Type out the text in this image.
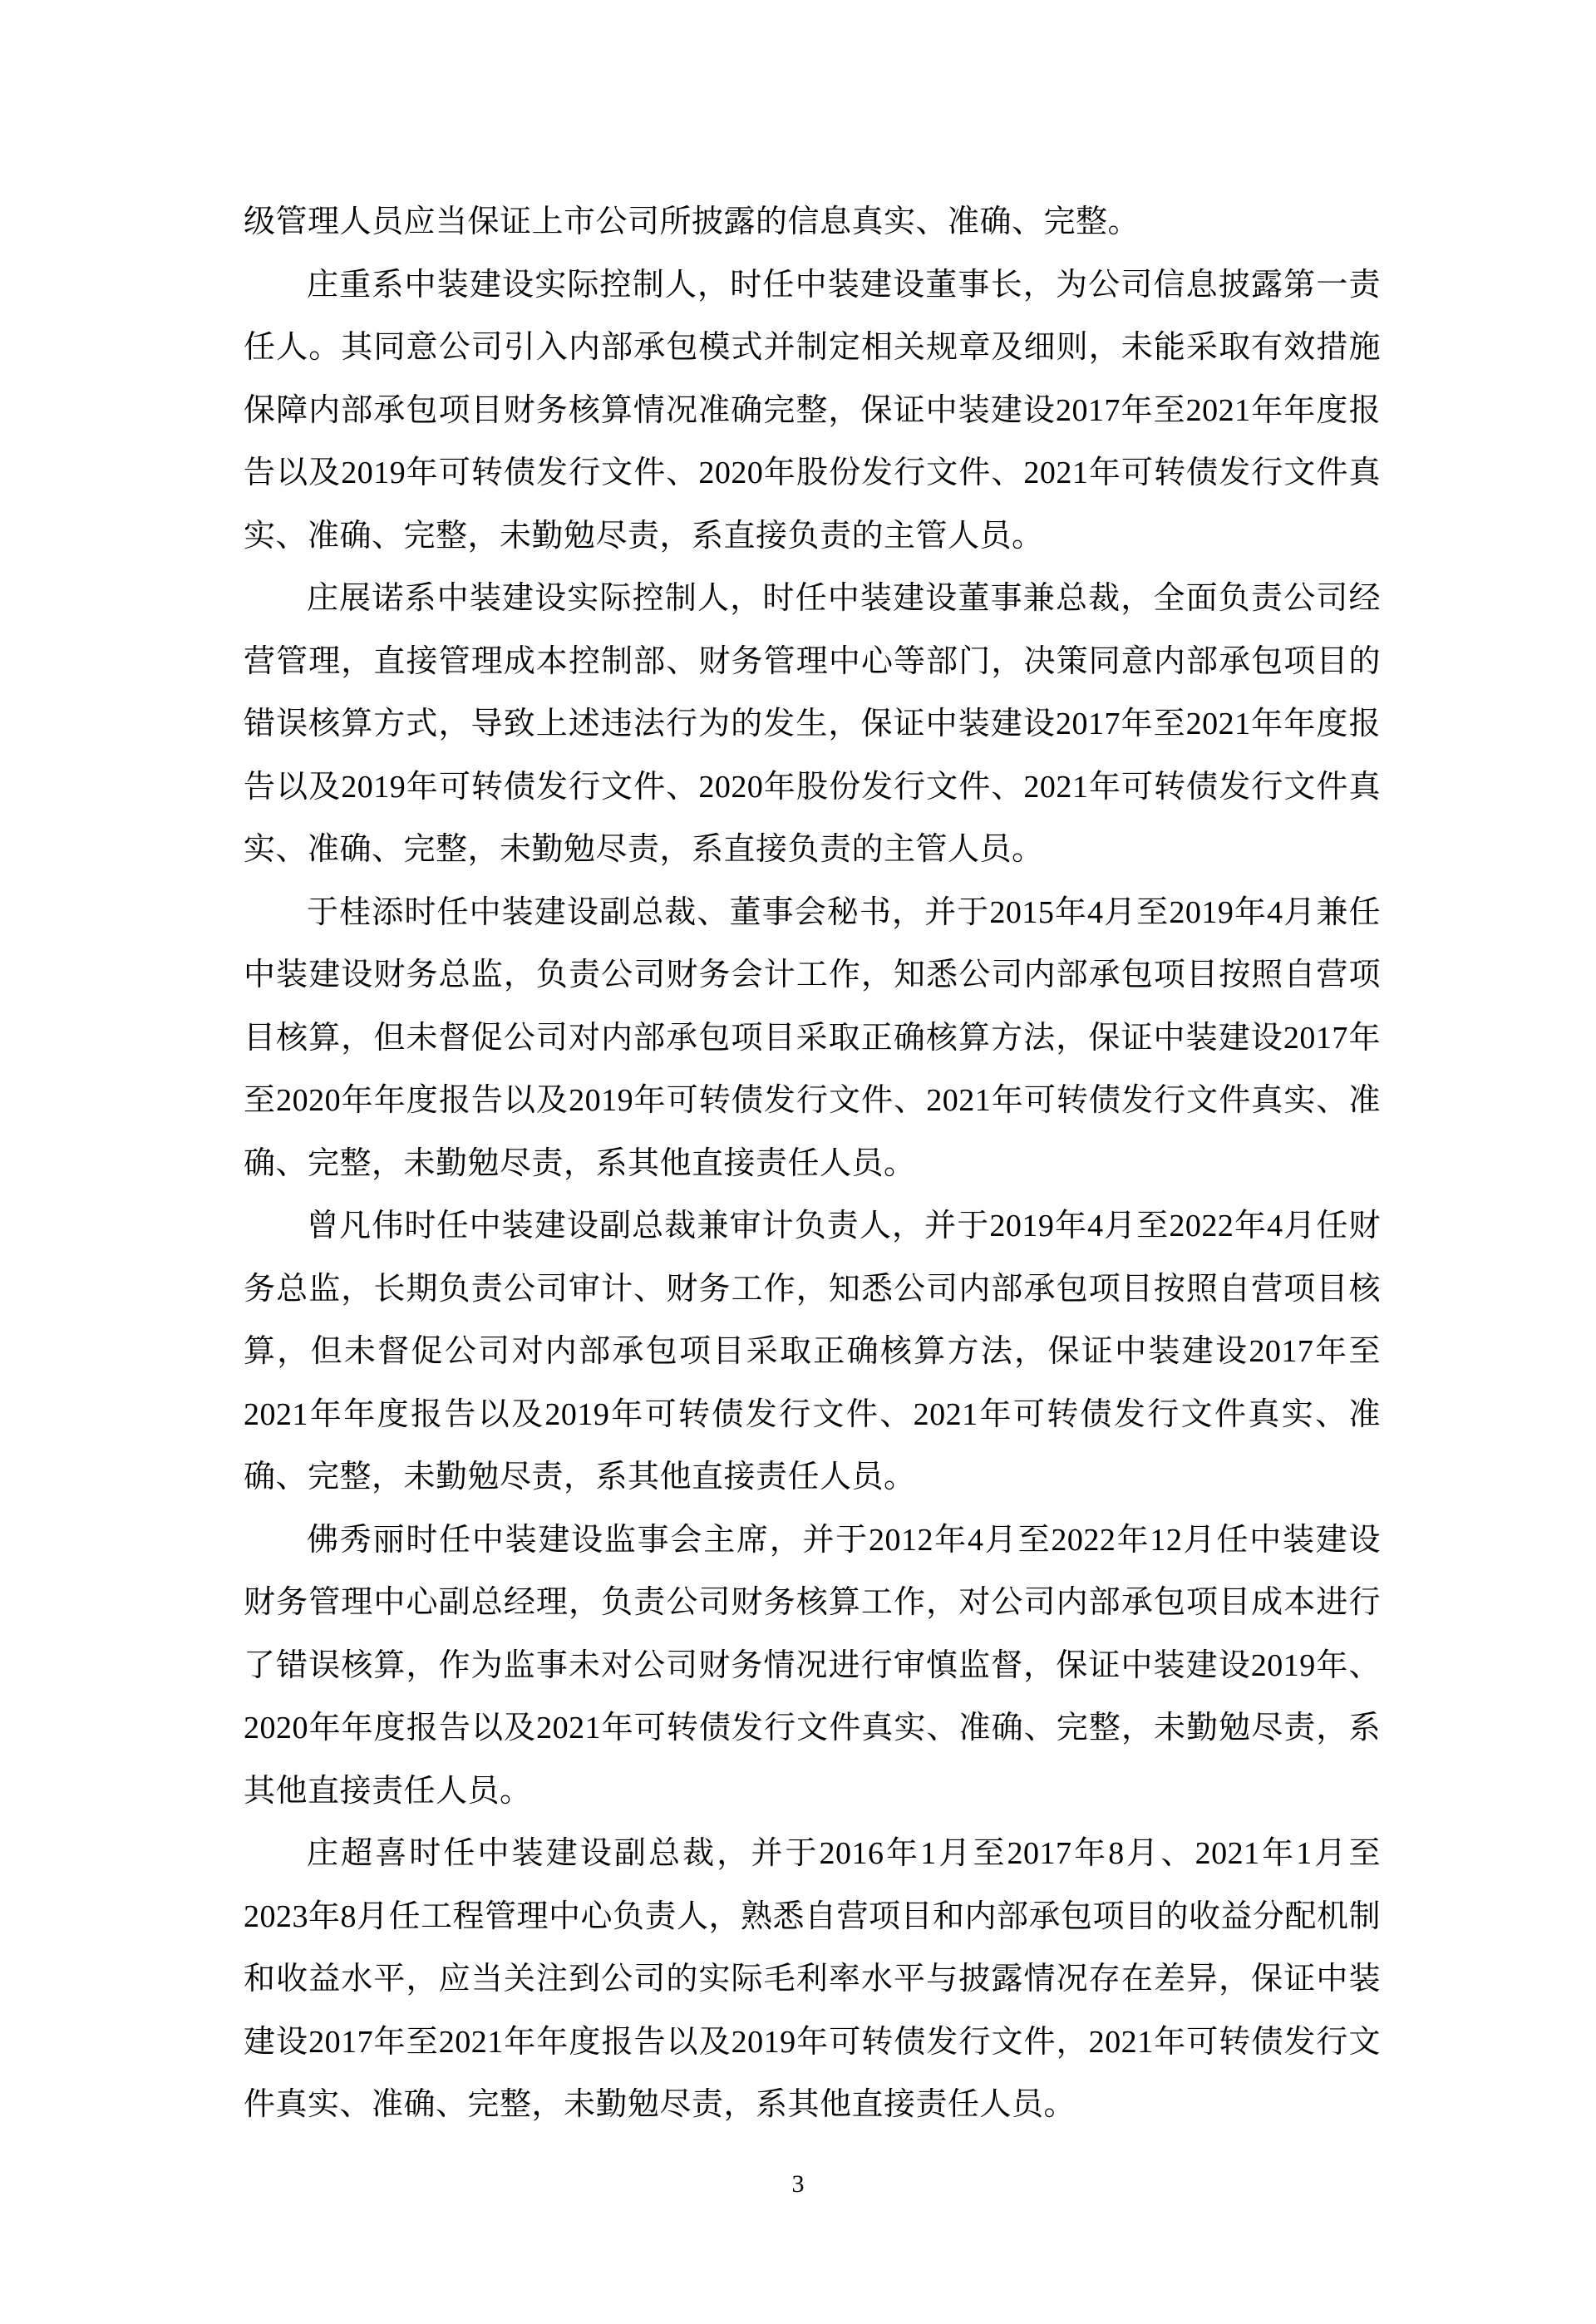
级管理人员应当保证上市公司所披露的信息真实、准确、完整。

庄重系中装建设实际控制人，时任中装建设董事长，为公司信息披露第一责任人。其同意公司引入内部承包模式并制定相关规章及细则，未能采取有效措施保障内部承包项目财务核算情况准确完整，保证中装建设2017年至2021年年度报告以及2019年可转债发行文件、2020年股份发行文件、2021年可转债发行文件真实、准确、完整，未勤勉尽责，系直接负责的主管人员。

庄展诺系中装建设实际控制人，时任中装建设董事兼总裁，全面负责公司经营管理，直接管理成本控制部、财务管理中心等部门，决策同意内部承包项目的错误核算方式，导致上述违法行为的发生，保证中装建设2017年至2021年年度报告以及2019年可转债发行文件、2020年股份发行文件、2021年可转债发行文件真实、准确、完整，未勤勉尽责，系直接负责的主管人员。

于桂添时任中装建设副总裁、董事会秘书，并于2015年4月至2019年4月兼任中装建设财务总监，负责公司财务会计工作，知悉公司内部承包项目按照自营项目核算，但未督促公司对内部承包项目采取正确核算方法，保证中装建设2017年至2020年年度报告以及2019年可转债发行文件、2021年可转债发行文件真实、准确、完整，未勤勉尽责，系其他直接责任人员。

曾凡伟时任中装建设副总裁兼审计负责人，并于2019年4月至2022年4月任财务总监，长期负责公司审计、财务工作，知悉公司内部承包项目按照自营项目核算，但未督促公司对内部承包项目采取正确核算方法，保证中装建设2017年至2021年年度报告以及2019年可转债发行文件、2021年可转债发行文件真实、准确、完整，未勤勉尽责，系其他直接责任人员。

佛秀丽时任中装建设监事会主席，并于2012年4月至2022年12月任中装建设财务管理中心副总经理，负责公司财务核算工作，对公司内部承包项目成本进行了错误核算，作为监事未对公司财务情况进行审慎监督，保证中装建设2019年、2020年年度报告以及2021年可转债发行文件真实、准确、完整，未勤勉尽责，系其他直接责任人员。

庄超喜时任中装建设副总裁，并于2016年1月至2017年8月、2021年1月至2023年8月任工程管理中心负责人，熟悉自营项目和内部承包项目的收益分配机制和收益水平，应当关注到公司的实际毛利率水平与披露情况存在差异，保证中装建设2017年至2021年年度报告以及2019年可转债发行文件，2021年可转债发行文件真实、准确、完整，未勤勉尽责，系其他直接责任人员。

3
